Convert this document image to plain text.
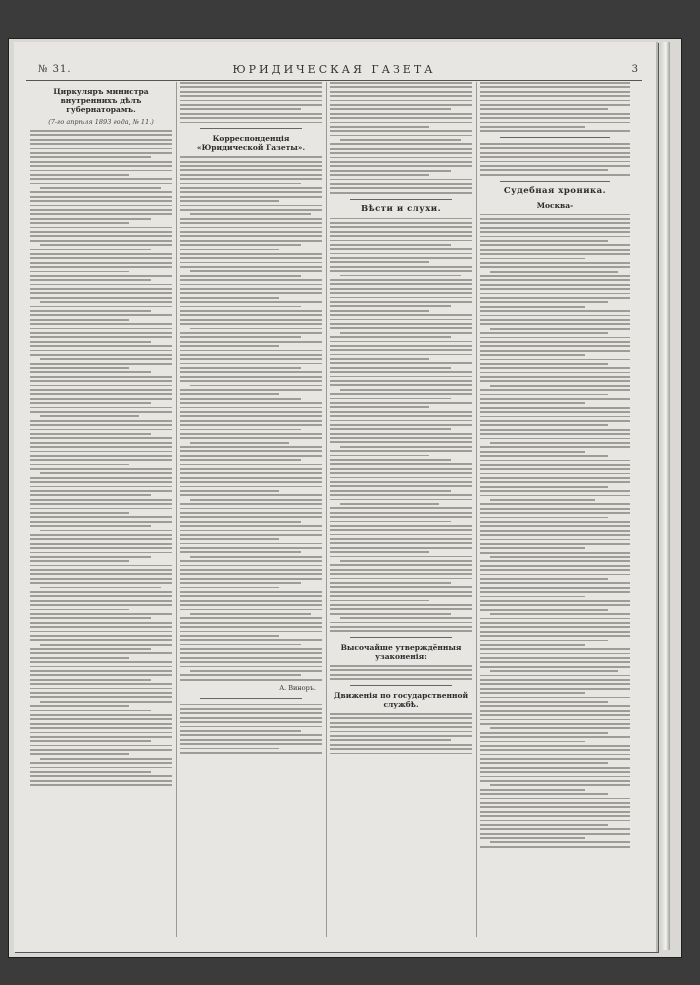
№ 31.	ЮРИДИЧЕСКАЯ ГАЗЕТА	3
Циркуляръ министра внутреннихъ дѣлъ губернаторамъ.
(7-го апрѣля 1893 года, № 11.)
Корреспонденція «Юридической Газеты».
А. Виноръ.
Вѣсти и слухи.
Высочайше утверждённыя узаконенія:
Движенія по государственной службѣ.
Судебная хроника.
Москва-
